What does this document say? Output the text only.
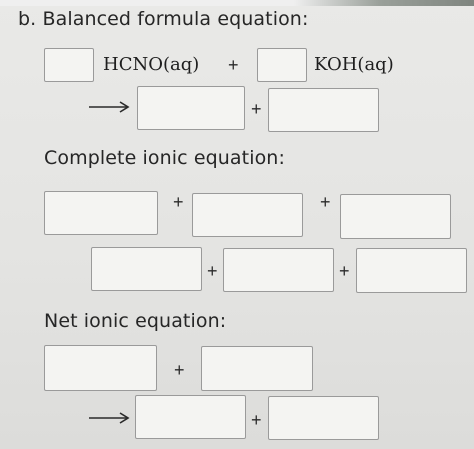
b. Balanced formula equation:
HCNO(aq) +	KOH(aq)
+
Complete ionic equation:
+	+
+	+
Net ionic equation:
+
+
